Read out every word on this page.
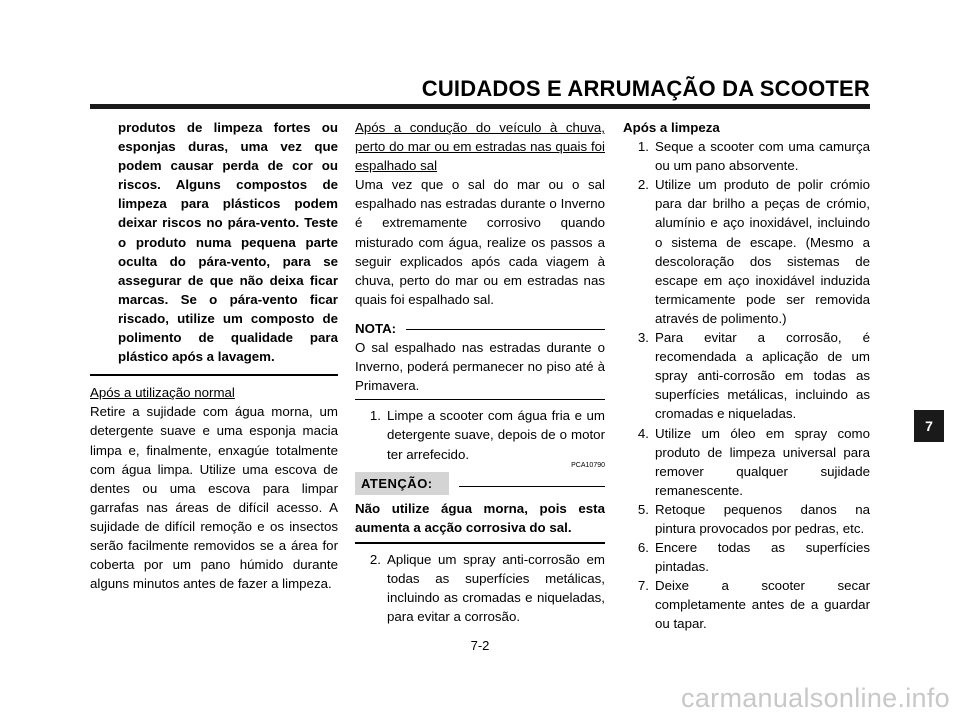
CUIDADOS E ARRUMAÇÃO DA SCOOTER

produtos de limpeza fortes ou esponjas duras, uma vez que podem causar perda de cor ou riscos. Alguns compostos de limpeza para plásticos podem deixar riscos no pára-vento. Teste o produto numa pequena parte oculta do pára-vento, para se assegurar de que não deixa ficar marcas. Se o pára-vento ficar riscado, utilize um composto de polimento de qualidade para plástico após a lavagem.

Após a utilização normal

Retire a sujidade com água morna, um detergente suave e uma esponja macia limpa e, finalmente, enxagúe totalmente com água limpa. Utilize uma escova de dentes ou uma escova para limpar garrafas nas áreas de difícil acesso. A sujidade de difícil remoção e os insectos serão facilmente removidos se a área for coberta por um pano húmido durante alguns minutos antes de fazer a limpeza.

Após a condução do veículo à chuva, perto do mar ou em estradas nas quais foi espalhado sal

Uma vez que o sal do mar ou o sal espalhado nas estradas durante o Inverno é extremamente corrosivo quando misturado com água, realize os passos a seguir explicados após cada viagem à chuva, perto do mar ou em estradas nas quais foi espalhado sal.

NOTA:

O sal espalhado nas estradas durante o Inverno, poderá permanecer no piso até à Primavera.

1. Limpe a scooter com água fria e um detergente suave, depois de o motor ter arrefecido.
PCA10790
ATENÇÃO:

Não utilize água morna, pois esta aumenta a acção corrosiva do sal.

2. Aplique um spray anti-corrosão em todas as superfícies metálicas, incluindo as cromadas e niqueladas, para evitar a corrosão.

Após a limpeza

1. Seque a scooter com uma camurça ou um pano absorvente.
2. Utilize um produto de polir crómio para dar brilho a peças de crómio, alumínio e aço inoxidável, incluindo o sistema de escape. (Mesmo a descoloração dos sistemas de escape em aço inoxidável induzida termicamente pode ser removida através de polimento.)
3. Para evitar a corrosão, é recomendada a aplicação de um spray anti-corrosão em todas as superfícies metálicas, incluindo as cromadas e niqueladas.
4. Utilize um óleo em spray como produto de limpeza universal para remover qualquer sujidade remanescente.
5. Retoque pequenos danos na pintura provocados por pedras, etc.
6. Encere todas as superfícies pintadas.
7. Deixe a scooter secar completamente antes de a guardar ou tapar.
7
7-2
carmanualsonline.info
